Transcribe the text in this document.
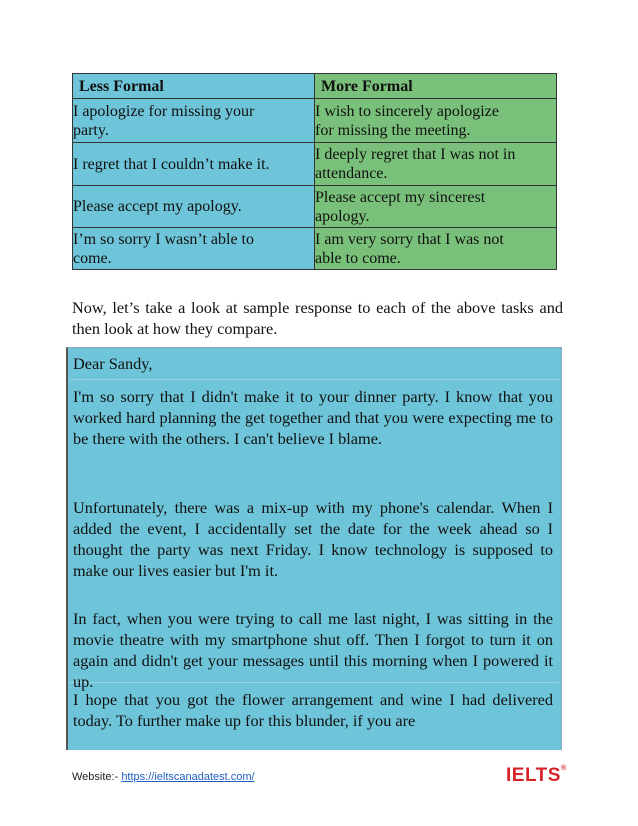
Less Formal	More Formal

I apologize for missing your
party.	I wish to sincerely apologize
for missing the meeting.

I regret that I couldn’t make it.	I deeply regret that I was not in
attendance.

Please accept my apology.	Please accept my sincerest
apology.

I’m so sorry I wasn’t able to
come.	I am very sorry that I was not
able to come.
Now, let’s take a look at sample response to each of the above tasks and then look at how they compare.

Dear Sandy,

I'm so sorry that I didn't make it to your dinner party. I know that you worked hard planning the get together and that you were expecting me to be there with the others. I can't believe I blame.

Unfortunately, there was a mix-up with my phone's calendar. When I added the event, I accidentally set the date for the week ahead so I thought the party was next Friday. I know technology is supposed to make our lives easier but I'm it.

In fact, when you were trying to call me last night, I was sitting in the movie theatre with my smartphone shut off. Then I forgot to turn it on again and didn't get your messages until this morning when I powered it up.

I hope that you got the flower arrangement and wine I had delivered today. To further make up for this blunder, if you are

Website:- https://ieltscanadatest.com/	IELTS®
